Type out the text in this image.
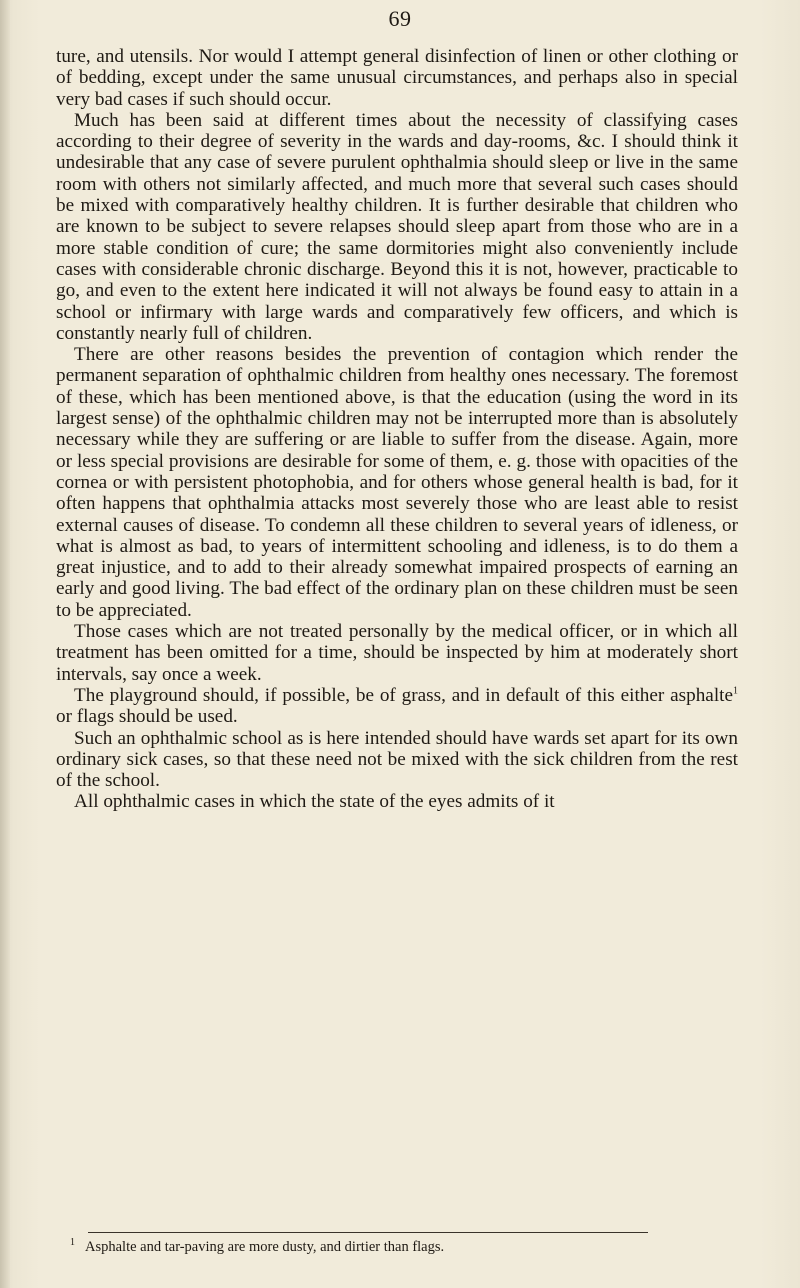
69

ture, and utensils. Nor would I attempt general disinfection of linen or other clothing or of bedding, except under the same unusual circumstances, and perhaps also in special very bad cases if such should occur.

Much has been said at different times about the necessity of classifying cases according to their degree of severity in the wards and day-rooms, &c. I should think it undesirable that any case of severe purulent ophthalmia should sleep or live in the same room with others not similarly affected, and much more that several such cases should be mixed with comparatively healthy children. It is further desirable that children who are known to be subject to severe relapses should sleep apart from those who are in a more stable condition of cure; the same dormitories might also conveniently include cases with considerable chronic discharge. Beyond this it is not, however, practicable to go, and even to the extent here indicated it will not always be found easy to attain in a school or infirmary with large wards and comparatively few officers, and which is constantly nearly full of children.

There are other reasons besides the prevention of contagion which render the permanent separation of ophthalmic children from healthy ones necessary. The foremost of these, which has been mentioned above, is that the education (using the word in its largest sense) of the ophthalmic children may not be interrupted more than is absolutely necessary while they are suffering or are liable to suffer from the disease. Again, more or less special provisions are desirable for some of them, e. g. those with opacities of the cornea or with persistent photophobia, and for others whose general health is bad, for it often happens that ophthalmia attacks most severely those who are least able to resist external causes of disease. To condemn all these children to several years of idleness, or what is almost as bad, to years of intermittent schooling and idleness, is to do them a great injustice, and to add to their already somewhat impaired prospects of earning an early and good living. The bad effect of the ordinary plan on these children must be seen to be appreciated.

Those cases which are not treated personally by the medical officer, or in which all treatment has been omitted for a time, should be inspected by him at moderately short intervals, say once a week.

The playground should, if possible, be of grass, and in default of this either asphalte$^1$ or flags should be used.

Such an ophthalmic school as is here intended should have wards set apart for its own ordinary sick cases, so that these need not be mixed with the sick children from the rest of the school.

All ophthalmic cases in which the state of the eyes admits of it

$^1$ Asphalte and tar-paving are more dusty, and dirtier than flags.
